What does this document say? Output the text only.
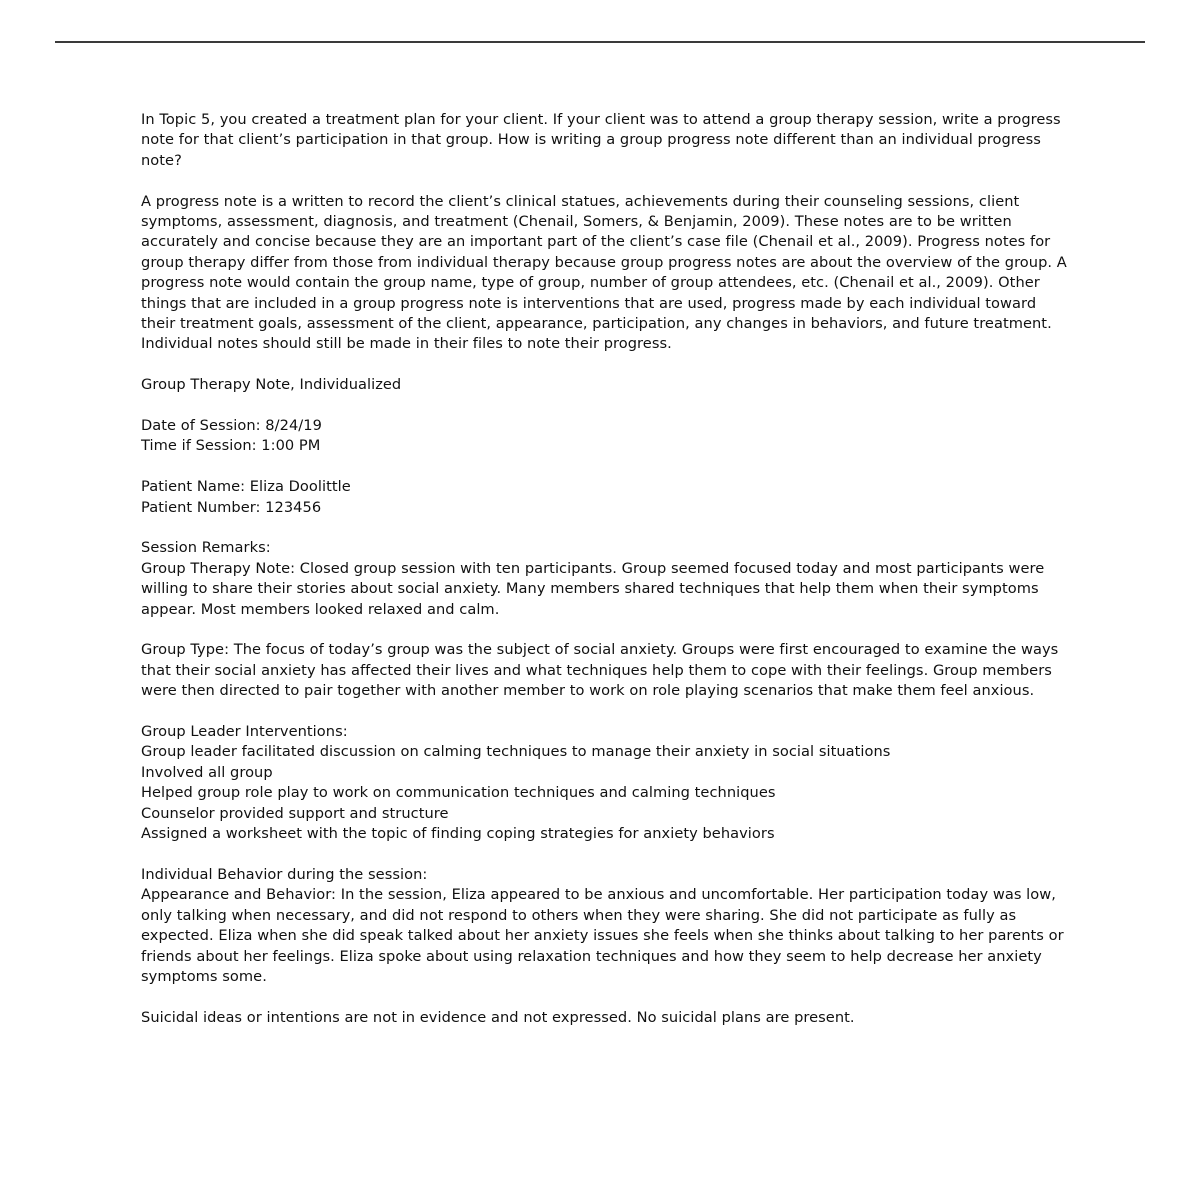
In Topic 5, you created a treatment plan for your client. If your client was to attend a group therapy session, write a progress note for that client’s participation in that group. How is writing a group progress note different than an individual progress note?

A progress note is a written to record the client’s clinical statues, achievements during their counseling sessions, client symptoms, assessment, diagnosis, and treatment (Chenail, Somers, & Benjamin, 2009). These notes are to be written accurately and concise because they are an important part of the client’s case file (Chenail et al., 2009). Progress notes for group therapy differ from those from individual therapy because group progress notes are about the overview of the group. A progress note would contain the group name, type of group, number of group attendees, etc. (Chenail et al., 2009). Other things that are included in a group progress note is interventions that are used, progress made by each individual toward their treatment goals, assessment of the client, appearance, participation, any changes in behaviors, and future treatment. Individual notes should still be made in their files to note their progress.

Group Therapy Note, Individualized

Date of Session: 8/24/19
Time if Session: 1:00 PM
Patient Name: Eliza Doolittle
Patient Number: 123456
Session Remarks:
Group Therapy Note: Closed group session with ten participants. Group seemed focused today and most participants were willing to share their stories about social anxiety. Many members shared techniques that help them when their symptoms appear. Most members looked relaxed and calm.

Group Type: The focus of today’s group was the subject of social anxiety. Groups were first encouraged to examine the ways that their social anxiety has affected their lives and what techniques help them to cope with their feelings. Group members were then directed to pair together with another member to work on role playing scenarios that make them feel anxious.

Group Leader Interventions:
Group leader facilitated discussion on calming techniques to manage their anxiety in social situations
Involved all group
Helped group role play to work on communication techniques and calming techniques
Counselor provided support and structure
Assigned a worksheet with the topic of finding coping strategies for anxiety behaviors
Individual Behavior during the session:
Appearance and Behavior: In the session, Eliza appeared to be anxious and uncomfortable. Her participation today was low, only talking when necessary, and did not respond to others when they were sharing. She did not participate as fully as expected. Eliza when she did speak talked about her anxiety issues she feels when she thinks about talking to her parents or friends about her feelings. Eliza spoke about using relaxation techniques and how they seem to help decrease her anxiety symptoms some.

Suicidal ideas or intentions are not in evidence and not expressed. No suicidal plans are present.
